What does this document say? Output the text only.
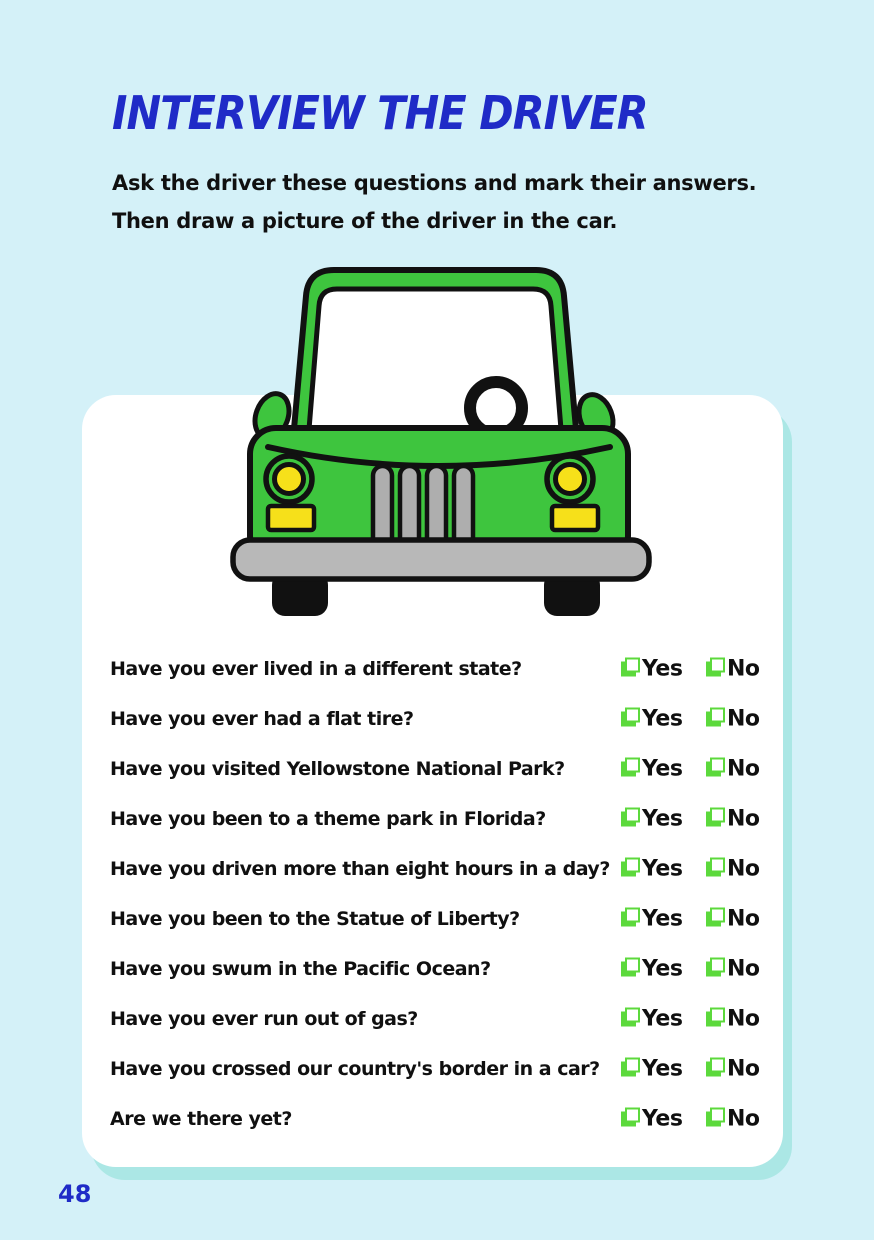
INTERVIEW THE DRIVER

Ask the driver these questions and mark their answers.
Then draw a picture of the driver in the car.

Have you ever lived in a different state?	Yes No
Have you ever had a flat tire?	Yes No
Have you visited Yellowstone National Park?	Yes No
Have you been to a theme park in Florida?	Yes No
Have you driven more than eight hours in a day? Yes No
Have you been to the Statue of Liberty?	Yes No
Have you swum in the Pacific Ocean?	Yes No
Have you ever run out of gas?	Yes No
Have you crossed our country's border in a car? Yes No
Are we there yet?	Yes No
48
